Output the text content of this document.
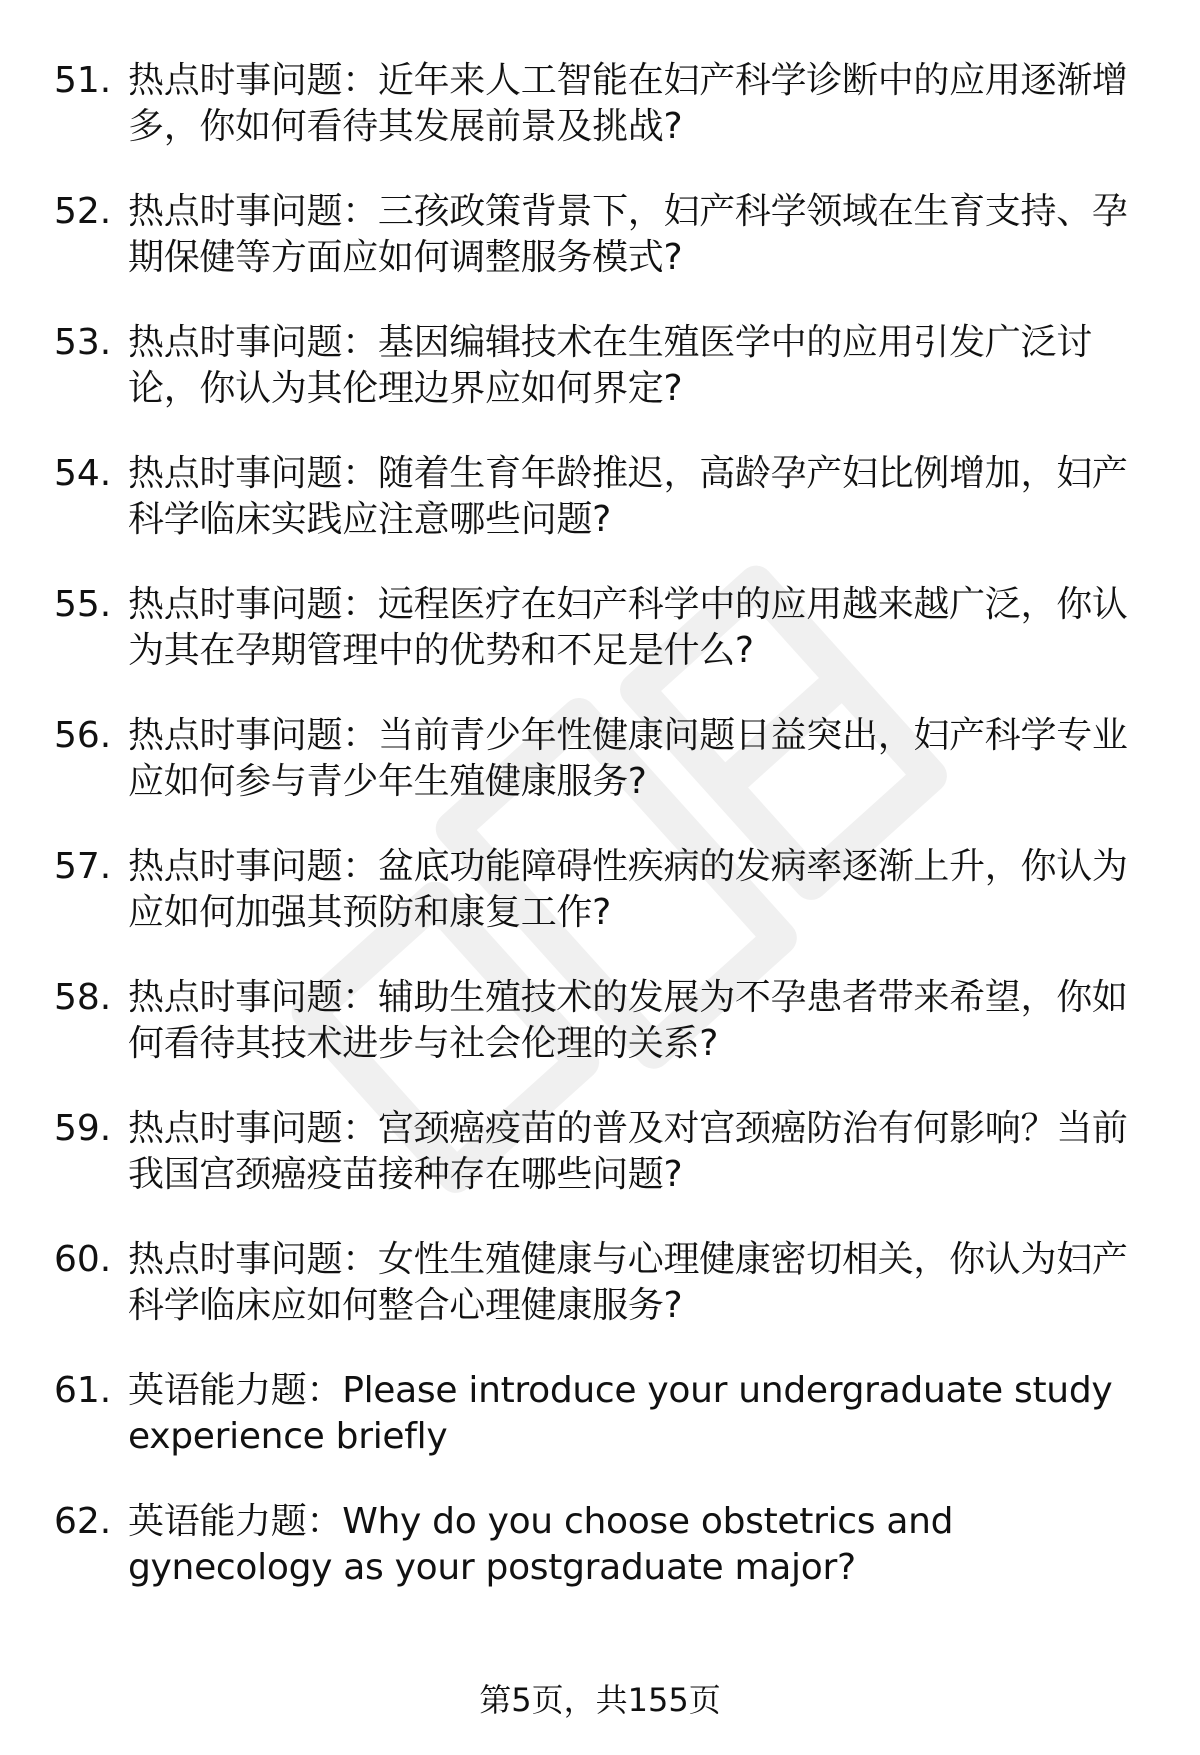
51. 热点时事问题：近年来人工智能在妇产科学诊断中的应用逐渐增多，你如何看待其发展前景及挑战?
52. 热点时事问题：三孩政策背景下，妇产科学领域在生育支持、孕期保健等方面应如何调整服务模式?
53. 热点时事问题：基因编辑技术在生殖医学中的应用引发广泛讨论，你认为其伦理边界应如何界定?
54. 热点时事问题：随着生育年龄推迟，高龄孕产妇比例增加，妇产科学临床实践应注意哪些问题?
55. 热点时事问题：远程医疗在妇产科学中的应用越来越广泛，你认为其在孕期管理中的优势和不足是什么?
56. 热点时事问题：当前青少年性健康问题日益突出，妇产科学专业应如何参与青少年生殖健康服务?
57. 热点时事问题：盆底功能障碍性疾病的发病率逐渐上升，你认为应如何加强其预防和康复工作?
58. 热点时事问题：辅助生殖技术的发展为不孕患者带来希望，你如何看待其技术进步与社会伦理的关系?
59. 热点时事问题：宫颈癌疫苗的普及对宫颈癌防治有何影响？当前我国宫颈癌疫苗接种存在哪些问题?
60. 热点时事问题：女性生殖健康与心理健康密切相关，你认为妇产科学临床应如何整合心理健康服务?
61. 英语能力题：Please introduce your undergraduate study experience briefly
62. 英语能力题：Why do you choose obstetrics and gynecology as your postgraduate major?
第5页，共155页
